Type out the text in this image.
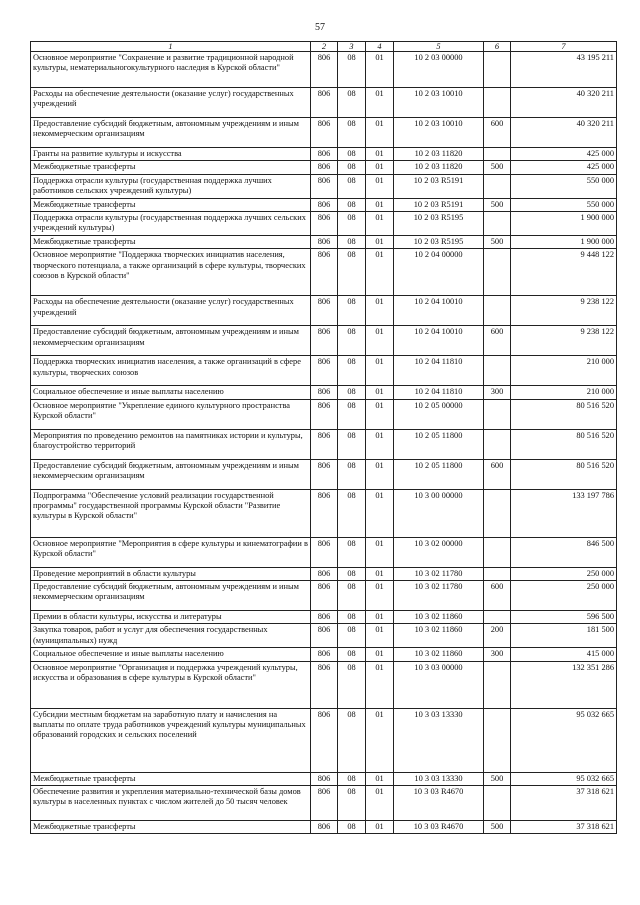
57
1	2	3	4	5	6	7
Основное мероприятие "Сохранение и развитие традиционной народной культуры, нематериальногокультурного наследия в Курской области"	806	08	01	10 2 03 00000		43 195 211
Расходы на обеспечение деятельности (оказание услуг) государственных учреждений	806	08	01	10 2 03 10010		40 320 211
Предоставление субсидий бюджетным, автономным учреждениям и иным некоммерческим организациям	806	08	01	10 2 03 10010	600	40 320 211
Гранты на развитие культуры и искусства	806	08	01	10 2 03 11820		425 000
Межбюджетные трансферты	806	08	01	10 2 03 11820	500	425 000
Поддержка отрасли культуры (государственная поддержка лучших работников сельских учреждений культуры)	806	08	01	10 2 03 R5191		550 000
Межбюджетные трансферты	806	08	01	10 2 03 R5191	500	550 000
Поддержка отрасли культуры (государственная поддержка лучших сельских учреждений культуры)	806	08	01	10 2 03 R5195		1 900 000
Межбюджетные трансферты	806	08	01	10 2 03 R5195	500	1 900 000
Основное мероприятие "Поддержка творческих инициатив населения, творческого потенциала, а также организаций в сфере культуры, творческих союзов в Курской области"	806	08	01	10 2 04 00000		9 448 122
Расходы на обеспечение деятельности (оказание услуг) государственных учреждений	806	08	01	10 2 04 10010		9 238 122
Предоставление субсидий бюджетным, автономным учреждениям и иным некоммерческим организациям	806	08	01	10 2 04 10010	600	9 238 122
Поддержка творческих инициатив населения, а также организаций в сфере культуры, творческих союзов	806	08	01	10 2 04 11810		210 000
Социальное обеспечение и иные выплаты населению	806	08	01	10 2 04 11810	300	210 000
Основное мероприятие "Укрепление единого культурного пространства Курской области"	806	08	01	10 2 05 00000		80 516 520
Мероприятия по проведению ремонтов на памятниках истории и культуры, благоустройство территорий	806	08	01	10 2 05 11800		80 516 520
Предоставление субсидий бюджетным, автономным учреждениям и иным некоммерческим организациям	806	08	01	10 2 05 11800	600	80 516 520
Подпрограмма "Обеспечение условий реализации государственной программы" государственной программы Курской области "Развитие культуры в Курской области"	806	08	01	10 3 00 00000		133 197 786
Основное мероприятие "Мероприятия в сфере культуры и кинематографии в Курской области"	806	08	01	10 3 02 00000		846 500
Проведение мероприятий в области культуры	806	08	01	10 3 02 11780		250 000
Предоставление субсидий бюджетным, автономным учреждениям и иным некоммерческим организациям	806	08	01	10 3 02 11780	600	250 000
Премии в области культуры, искусства и литературы	806	08	01	10 3 02 11860		596 500
Закупка товаров, работ и услуг для обеспечения государственных (муниципальных) нужд	806	08	01	10 3 02 11860	200	181 500
Социальное обеспечение и иные выплаты населению	806	08	01	10 3 02 11860	300	415 000
Основное мероприятие "Организация и поддержка учреждений культуры, искусства и образования в сфере культуры в Курской области"	806	08	01	10 3 03 00000		132 351 286
Субсидии местным бюджетам на заработную плату и начисления на выплаты по оплате труда работников учреждений культуры муниципальных образований городских и сельских поселений	806	08	01	10 3 03 13330		95 032 665
Межбюджетные трансферты	806	08	01	10 3 03 13330	500	95 032 665
Обеспечение развития и укрепления материально-технической базы домов культуры в населенных пунктах с числом жителей до 50 тысяч человек	806	08	01	10 3 03 R4670		37 318 621
Межбюджетные трансферты	806	08	01	10 3 03 R4670	500	37 318 621
